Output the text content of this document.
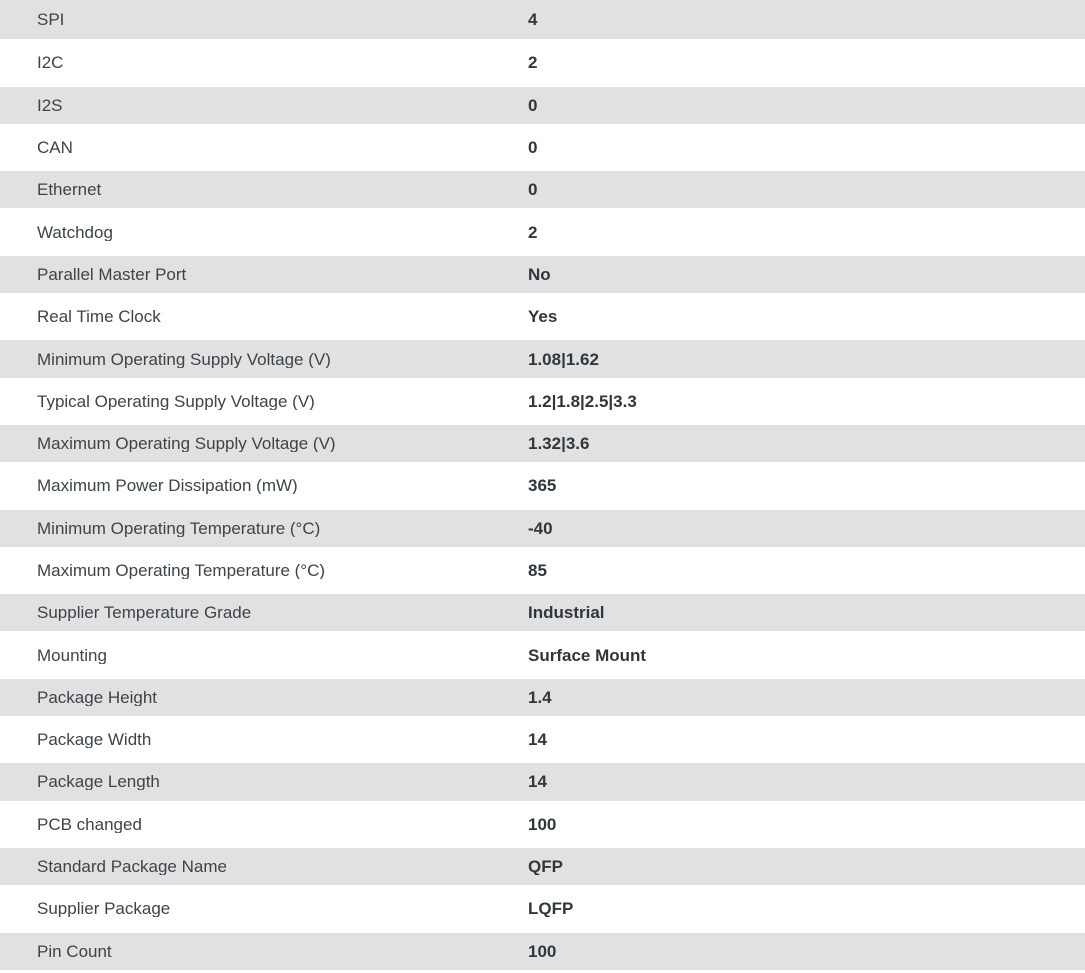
SPI	4
I2C	2
I2S	0
CAN	0
Ethernet	0
Watchdog	2
Parallel Master Port	No
Real Time Clock	Yes
Minimum Operating Supply Voltage (V)	1.08|1.62
Typical Operating Supply Voltage (V)	1.2|1.8|2.5|3.3
Maximum Operating Supply Voltage (V)	1.32|3.6
Maximum Power Dissipation (mW)	365
Minimum Operating Temperature (°C)	-40
Maximum Operating Temperature (°C)	85
Supplier Temperature Grade	Industrial
Mounting	Surface Mount
Package Height	1.4
Package Width	14
Package Length	14
PCB changed	100
Standard Package Name	QFP
Supplier Package	LQFP
Pin Count	100
